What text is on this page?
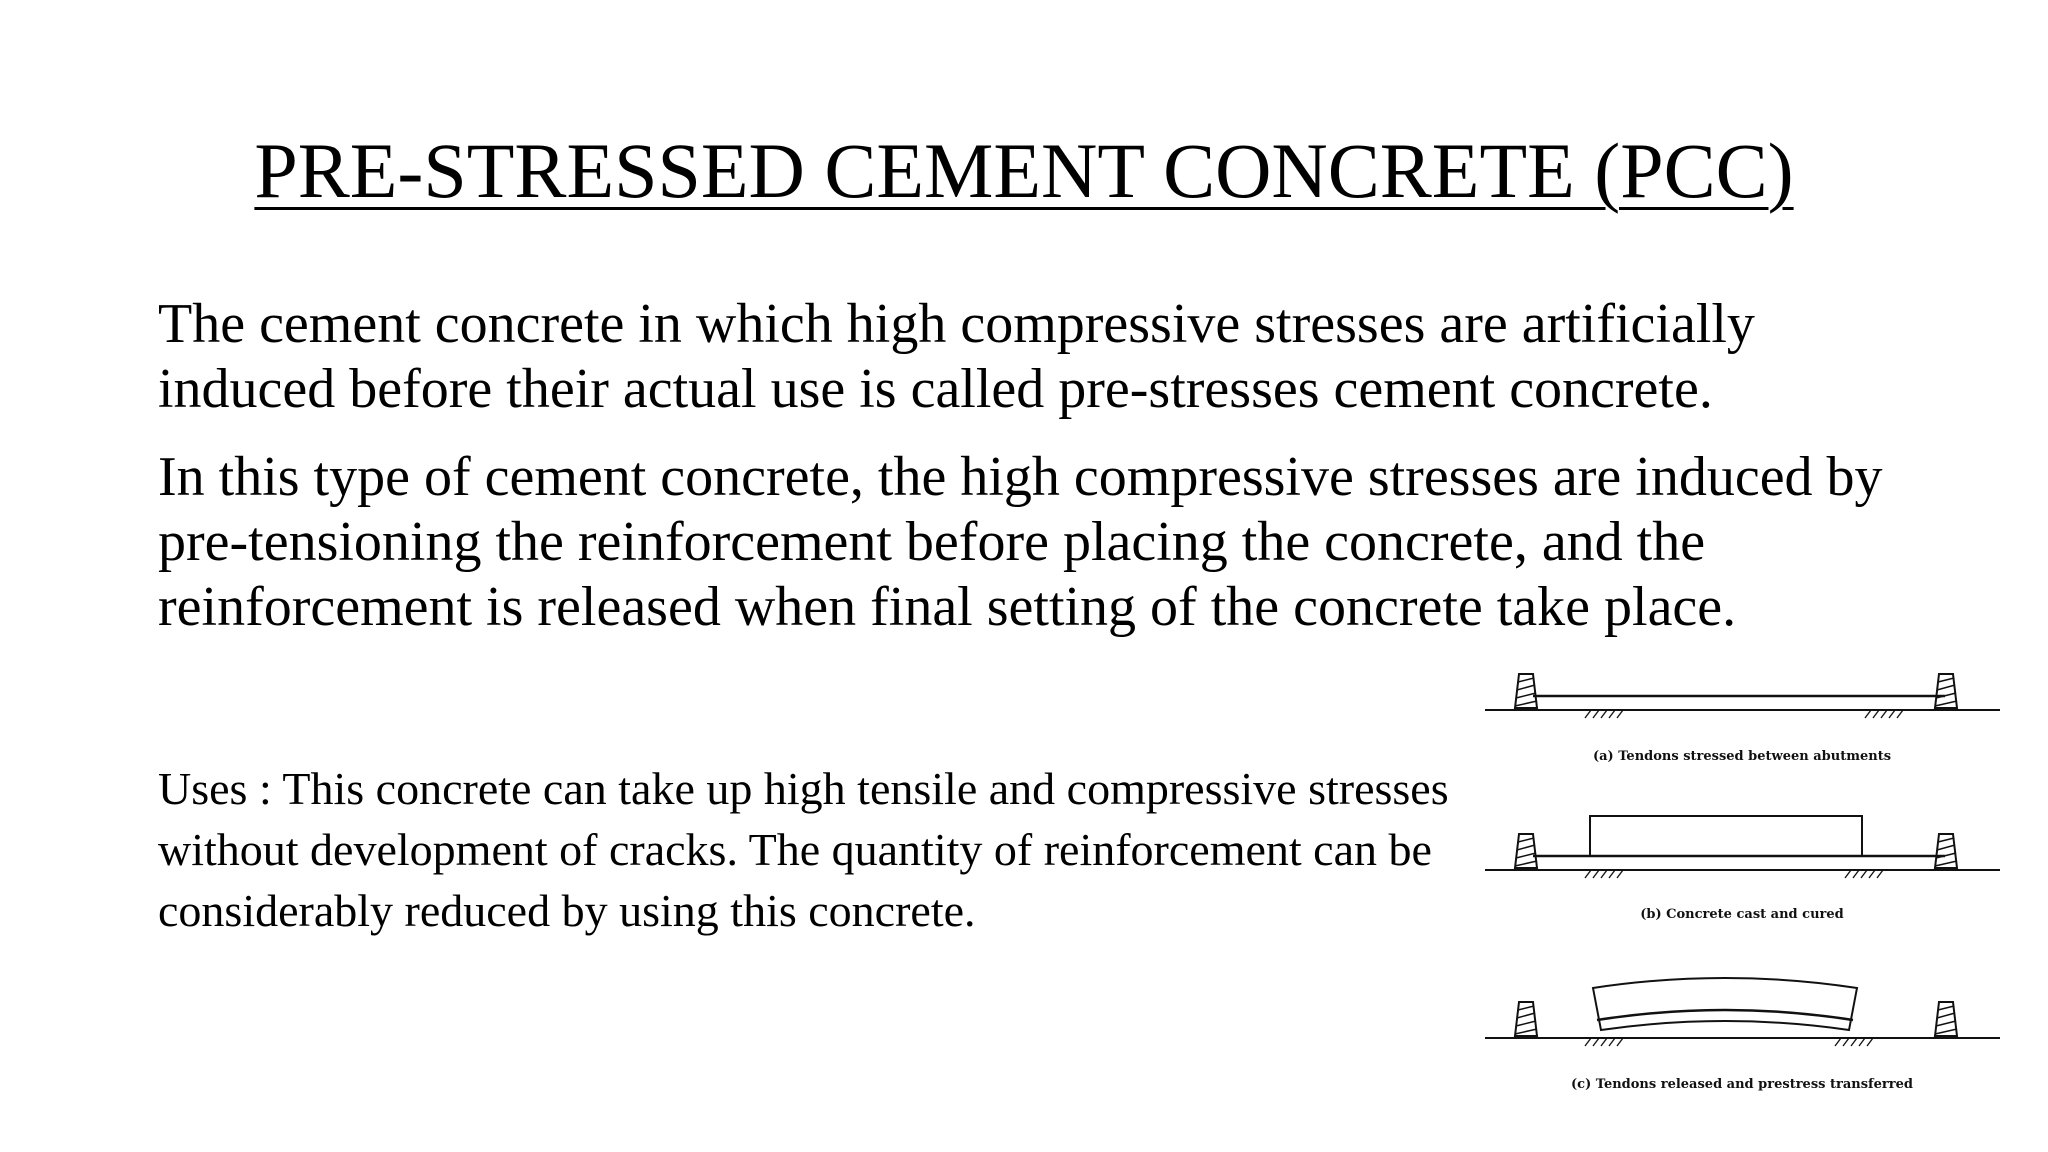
PRE-STRESSED CEMENT CONCRETE (PCC)

The cement concrete in which high compressive stresses are artificially induced before their actual use is called pre-stresses cement concrete.

In this type of cement concrete, the high compressive stresses are induced by pre-tensioning the reinforcement before placing the concrete, and the reinforcement is released when final setting of the concrete take place.

Uses : This concrete can take up high tensile and compressive stresses without development of cracks. The quantity of reinforcement can be considerably reduced by using this concrete.

(a) Tendons stressed between abutments
(b) Concrete cast and cured
(c) Tendons released and prestress transferred
